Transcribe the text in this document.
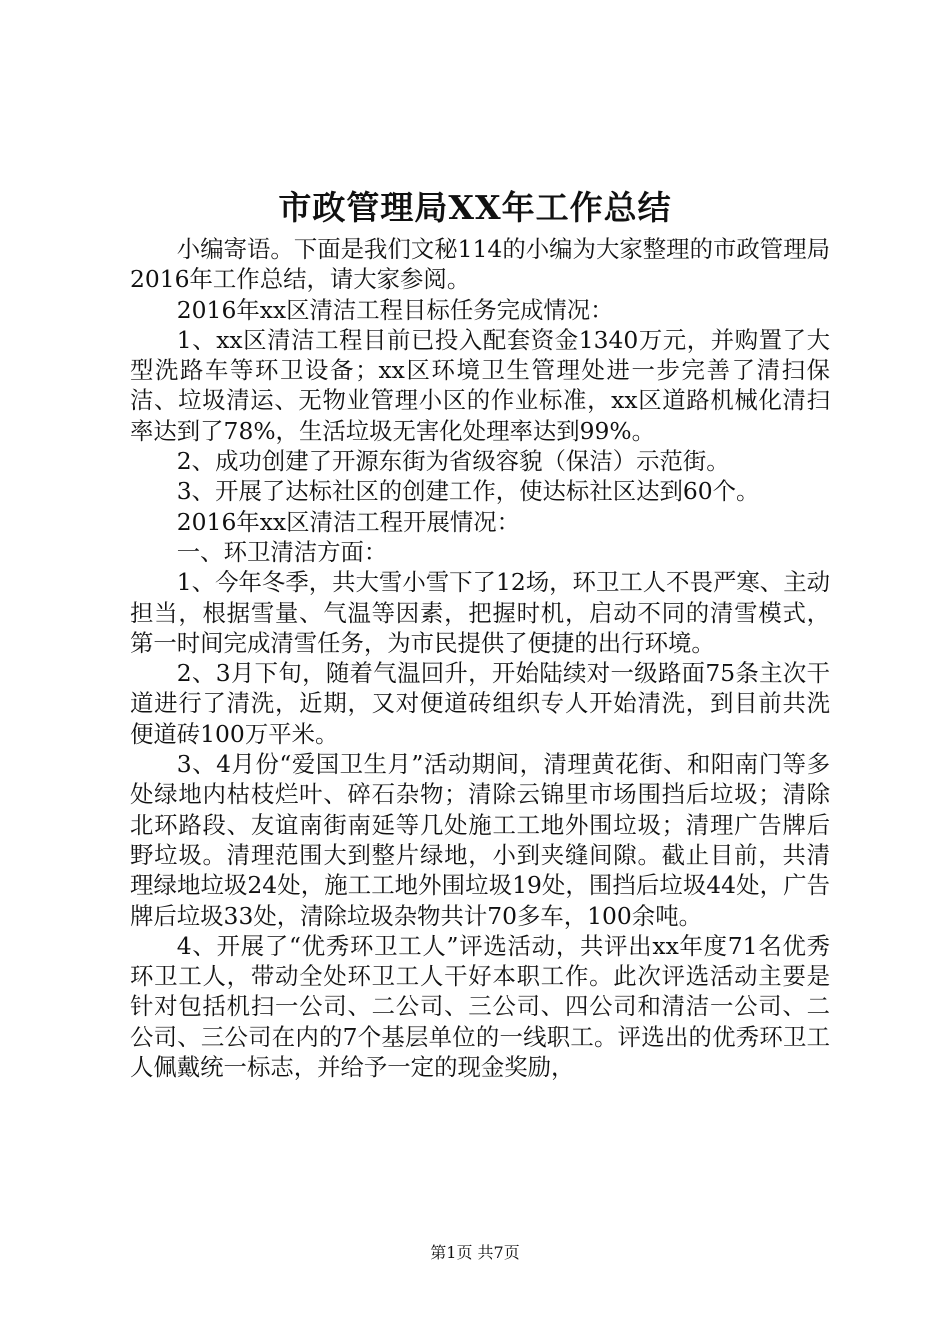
市政管理局XX年工作总结

小编寄语。下面是我们文秘114的小编为大家整理的市政管理局2016年工作总结，请大家参阅。

2016年xx区清洁工程目标任务完成情况：

1、xx区清洁工程目前已投入配套资金1340万元，并购置了大型洗路车等环卫设备；xx区环境卫生管理处进一步完善了清扫保洁、垃圾清运、无物业管理小区的作业标准，xx区道路机械化清扫率达到了78%，生活垃圾无害化处理率达到99%。

2、成功创建了开源东街为省级容貌（保洁）示范街。

3、开展了达标社区的创建工作，使达标社区达到60个。

2016年xx区清洁工程开展情况：

一、环卫清洁方面：

1、今年冬季，共大雪小雪下了12场，环卫工人不畏严寒、主动担当，根据雪量、气温等因素，把握时机，启动不同的清雪模式，第一时间完成清雪任务，为市民提供了便捷的出行环境。

2、3月下旬，随着气温回升，开始陆续对一级路面75条主次干道进行了清洗，近期，又对便道砖组织专人开始清洗，到目前共洗便道砖100万平米。

3、4月份“爱国卫生月”活动期间，清理黄花街、和阳南门等多处绿地内枯枝烂叶、碎石杂物；清除云锦里市场围挡后垃圾；清除北环路段、友谊南街南延等几处施工工地外围垃圾；清理广告牌后野垃圾。清理范围大到整片绿地，小到夹缝间隙。截止目前，共清理绿地垃圾24处，施工工地外围垃圾19处，围挡后垃圾44处，广告牌后垃圾33处，清除垃圾杂物共计70多车，100余吨。

4、开展了“优秀环卫工人”评选活动，共评出xx年度71名优秀环卫工人，带动全处环卫工人干好本职工作。此次评选活动主要是针对包括机扫一公司、二公司、三公司、四公司和清洁一公司、二公司、三公司在内的7个基层单位的一线职工。评选出的优秀环卫工人佩戴统一标志，并给予一定的现金奖励，

第1页 共7页
